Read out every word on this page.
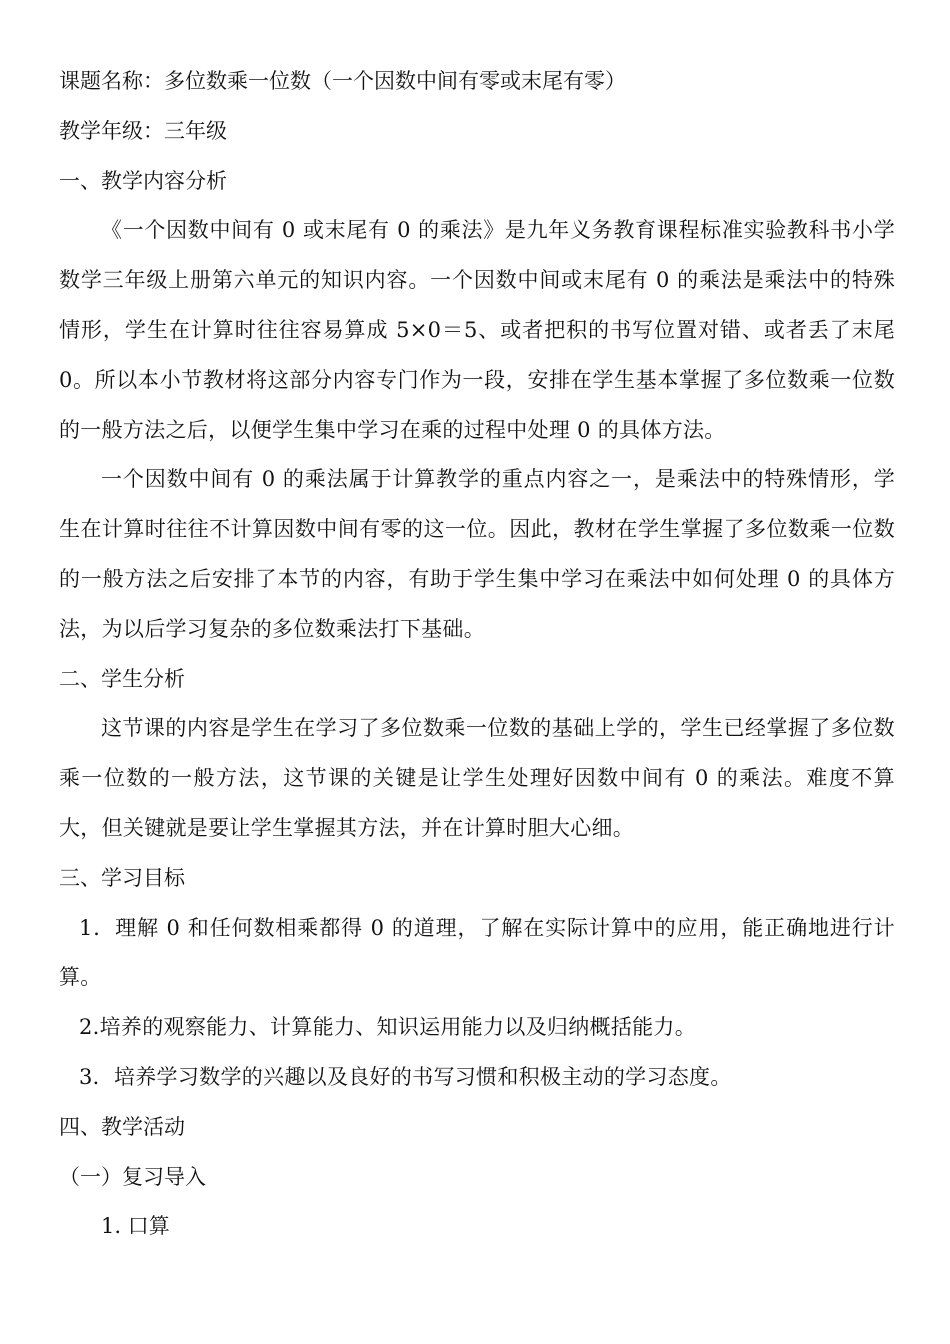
课题名称：多位数乘一位数（一个因数中间有零或末尾有零）

教学年级：三年级

一、教学内容分析

《一个因数中间有 0 或末尾有 0 的乘法》是九年义务教育课程标准实验教科书小学数学三年级上册第六单元的知识内容。一个因数中间或末尾有 0 的乘法是乘法中的特殊情形，学生在计算时往往容易算成 5×0＝5、或者把积的书写位置对错、或者丢了末尾 0。所以本小节教材将这部分内容专门作为一段，安排在学生基本掌握了多位数乘一位数的一般方法之后，以便学生集中学习在乘的过程中处理 0 的具体方法。

一个因数中间有 0 的乘法属于计算教学的重点内容之一，是乘法中的特殊情形，学生在计算时往往不计算因数中间有零的这一位。因此，教材在学生掌握了多位数乘一位数的一般方法之后安排了本节的内容，有助于学生集中学习在乘法中如何处理 0 的具体方法，为以后学习复杂的多位数乘法打下基础。

二、学生分析

这节课的内容是学生在学习了多位数乘一位数的基础上学的，学生已经掌握了多位数乘一位数的一般方法，这节课的关键是让学生处理好因数中间有 0 的乘法。难度不算大，但关键就是要让学生掌握其方法，并在计算时胆大心细。

三、学习目标

1．理解 0 和任何数相乘都得 0 的道理，了解在实际计算中的应用，能正确地进行计算。

2.培养的观察能力、计算能力、知识运用能力以及归纳概括能力。

3．培养学习数学的兴趣以及良好的书写习惯和积极主动的学习态度。

四、教学活动

（一）复习导入

1. 口算
